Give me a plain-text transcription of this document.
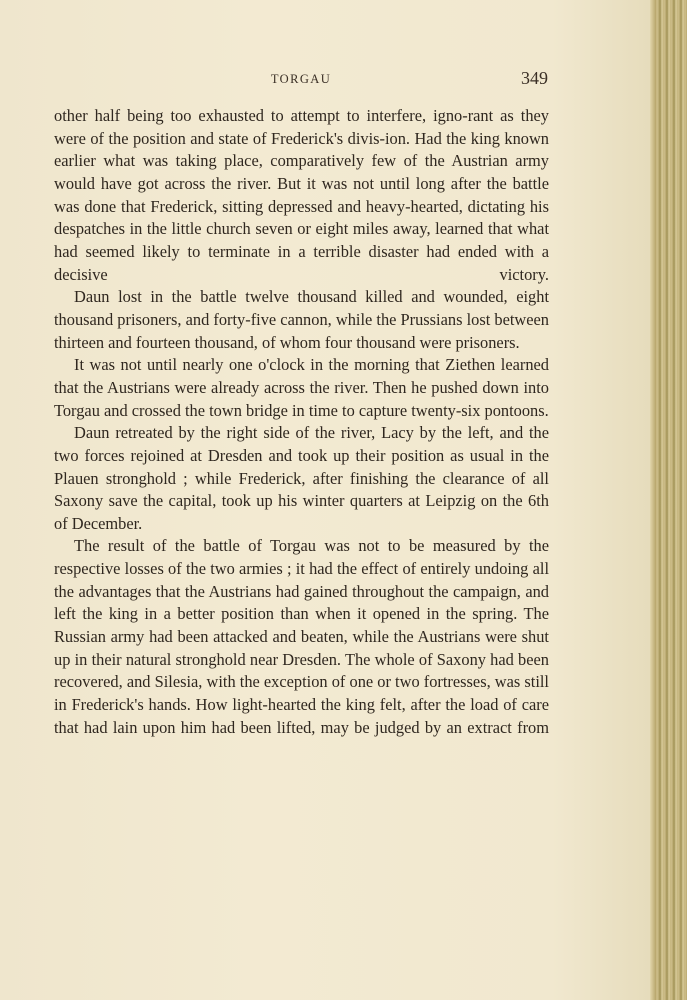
TORGAU	349

other half being too exhausted to attempt to interfere, igno-rant as they were of the position and state of Frederick's divis-ion. Had the king known earlier what was taking place, comparatively few of the Austrian army would have got across the river. But it was not until long after the battle was done that Frederick, sitting depressed and heavy-hearted, dictating his despatches in the little church seven or eight miles away, learned that what had seemed likely to terminate in a terrible disaster had ended with a decisive victory.

Daun lost in the battle twelve thousand killed and wounded, eight thousand prisoners, and forty-five cannon, while the Prussians lost between thirteen and fourteen thousand, of whom four thousand were prisoners.

It was not until nearly one o'clock in the morning that Ziethen learned that the Austrians were already across the river. Then he pushed down into Torgau and crossed the town bridge in time to capture twenty-six pontoons.

Daun retreated by the right side of the river, Lacy by the left, and the two forces rejoined at Dresden and took up their position as usual in the Plauen stronghold ; while Frederick, after finishing the clearance of all Saxony save the capital, took up his winter quarters at Leipzig on the 6th of December.

The result of the battle of Torgau was not to be measured by the respective losses of the two armies ; it had the effect of entirely undoing all the advantages that the Austrians had gained throughout the campaign, and left the king in a better position than when it opened in the spring. The Russian army had been attacked and beaten, while the Austrians were shut up in their natural stronghold near Dresden. The whole of Saxony had been recovered, and Silesia, with the exception of one or two fortresses, was still in Frederick's hands. How light-hearted the king felt, after the load of care that had lain upon him had been lifted, may be judged by an extract from
